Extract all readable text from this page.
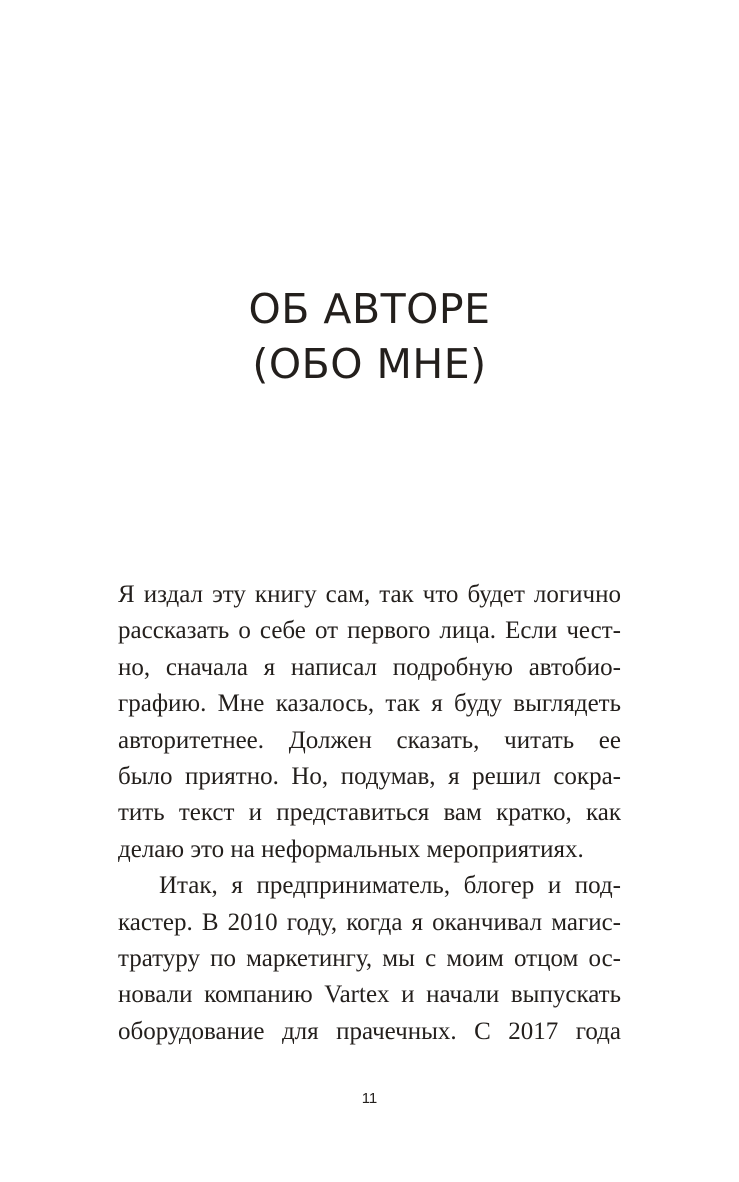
ОБ АВТОРЕ
(ОБО МНЕ)
Я издал эту книгу сам, так что будет логично
рассказать о себе от первого лица. Если чест-
но, сначала я написал подробную автобио-
графию. Мне казалось, так я буду выглядеть
авторитетнее. Должен сказать, читать ее
было приятно. Но, подумав, я решил сокра-
тить текст и представиться вам кратко, как
делаю это на неформальных мероприятиях.
Итак, я предприниматель, блогер и под-
кастер. В 2010 году, когда я оканчивал магис-
тратуру по маркетингу, мы с моим отцом ос-
новали компанию Vartex и начали выпускать
оборудование для прачечных. С 2017 года
11
